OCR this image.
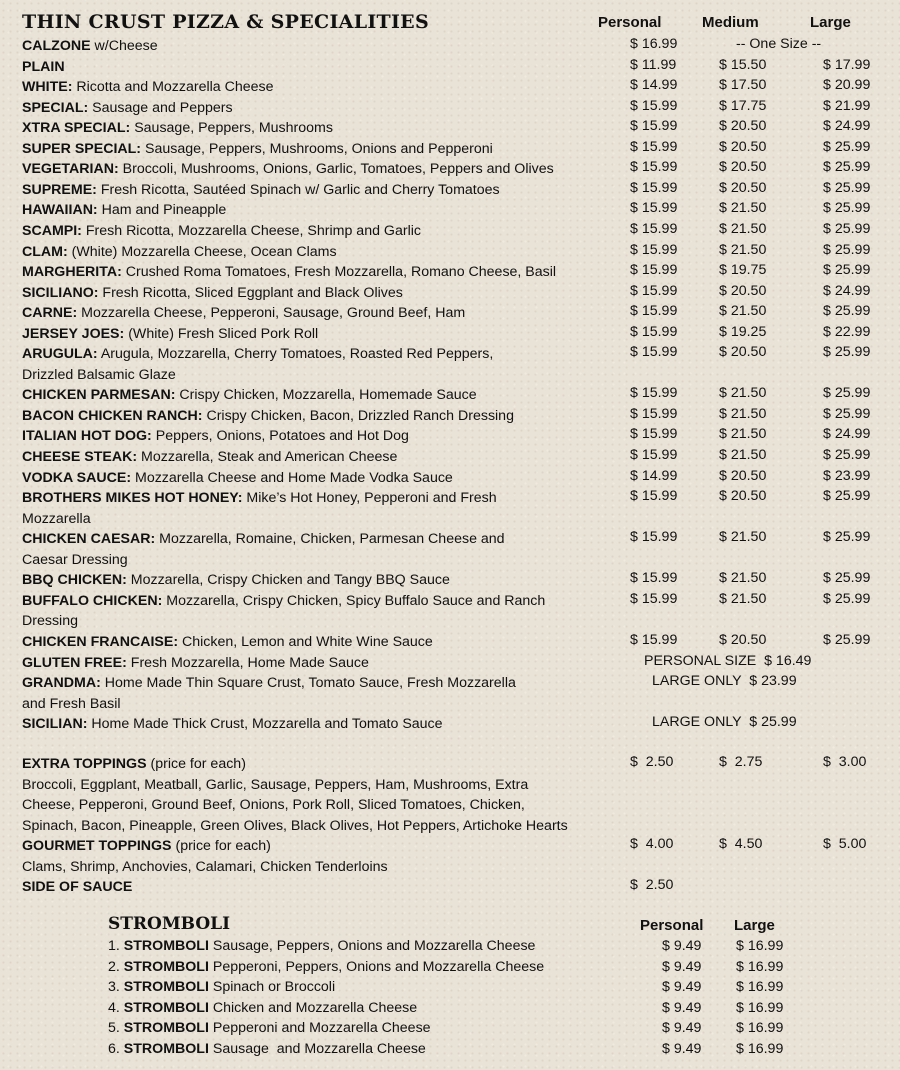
THIN CRUST PIZZA & SPECIALITIES	Personal	Medium	Large
CALZONE w/Cheese	$ 16.99	-- One Size --
PLAIN	$ 11.99	$ 15.50	$ 17.99
WHITE: Ricotta and Mozzarella Cheese	$ 14.99	$ 17.50	$ 20.99
SPECIAL: Sausage and Peppers	$ 15.99	$ 17.75	$ 21.99
XTRA SPECIAL: Sausage, Peppers, Mushrooms	$ 15.99	$ 20.50	$ 24.99
SUPER SPECIAL: Sausage, Peppers, Mushrooms, Onions and Pepperoni	$ 15.99	$ 20.50	$ 25.99
VEGETARIAN: Broccoli, Mushrooms, Onions, Garlic, Tomatoes, Peppers and Olives	$ 15.99	$ 20.50	$ 25.99
SUPREME: Fresh Ricotta, Sautéed Spinach w/ Garlic and Cherry Tomatoes	$ 15.99	$ 20.50	$ 25.99
HAWAIIAN: Ham and Pineapple	$ 15.99	$ 21.50	$ 25.99
SCAMPI: Fresh Ricotta, Mozzarella Cheese, Shrimp and Garlic	$ 15.99	$ 21.50	$ 25.99
CLAM: (White) Mozzarella Cheese, Ocean Clams	$ 15.99	$ 21.50	$ 25.99
MARGHERITA: Crushed Roma Tomatoes, Fresh Mozzarella, Romano Cheese, Basil	$ 15.99	$ 19.75	$ 25.99
SICILIANO: Fresh Ricotta, Sliced Eggplant and Black Olives	$ 15.99	$ 20.50	$ 24.99
CARNE: Mozzarella Cheese, Pepperoni, Sausage, Ground Beef, Ham	$ 15.99	$ 21.50	$ 25.99
JERSEY JOES: (White) Fresh Sliced Pork Roll	$ 15.99	$ 19.25	$ 22.99
ARUGULA: Arugula, Mozzarella, Cherry Tomatoes, Roasted Red Peppers,
Drizzled Balsamic Glaze
$ 15.99	$ 20.50	$ 25.99
CHICKEN PARMESAN: Crispy Chicken, Mozzarella, Homemade Sauce	$ 15.99	$ 21.50	$ 25.99
BACON CHICKEN RANCH: Crispy Chicken, Bacon, Drizzled Ranch Dressing	$ 15.99	$ 21.50	$ 25.99
ITALIAN HOT DOG: Peppers, Onions, Potatoes and Hot Dog	$ 15.99	$ 21.50	$ 24.99
CHEESE STEAK: Mozzarella, Steak and American Cheese	$ 15.99	$ 21.50	$ 25.99
VODKA SAUCE: Mozzarella Cheese and Home Made Vodka Sauce	$ 14.99	$ 20.50	$ 23.99
BROTHERS MIKES HOT HONEY: Mike’s Hot Honey, Pepperoni and Fresh
Mozzarella
$ 15.99	$ 20.50	$ 25.99
CHICKEN CAESAR: Mozzarella, Romaine, Chicken, Parmesan Cheese and
Caesar Dressing
$ 15.99	$ 21.50	$ 25.99
BBQ CHICKEN: Mozzarella, Crispy Chicken and Tangy BBQ Sauce	$ 15.99	$ 21.50	$ 25.99
BUFFALO CHICKEN: Mozzarella, Crispy Chicken, Spicy Buffalo Sauce and Ranch
Dressing
$ 15.99	$ 21.50	$ 25.99
CHICKEN FRANCAISE: Chicken, Lemon and White Wine Sauce	$ 15.99	$ 20.50	$ 25.99
GLUTEN FREE: Fresh Mozzarella, Home Made Sauce	PERSONAL SIZE  $ 16.49
GRANDMA: Home Made Thin Square Crust, Tomato Sauce, Fresh Mozzarella
and Fresh Basil
LARGE ONLY  $ 23.99
SICILIAN: Home Made Thick Crust, Mozzarella and Tomato Sauce	LARGE ONLY  $ 25.99
EXTRA TOPPINGS (price for each)	$  2.50	$  2.75	$  3.00
Broccoli, Eggplant, Meatball, Garlic, Sausage, Peppers, Ham, Mushrooms, Extra
Cheese, Pepperoni, Ground Beef, Onions, Pork Roll, Sliced Tomatoes, Chicken,
Spinach, Bacon, Pineapple, Green Olives, Black Olives, Hot Peppers, Artichoke Hearts
GOURMET TOPPINGS (price for each)	$  4.00	$  4.50	$  5.00
Clams, Shrimp, Anchovies, Calamari, Chicken Tenderloins
SIDE OF SAUCE	$  2.50
STROMBOLI	Personal Large
1. STROMBOLI Sausage, Peppers, Onions and Mozzarella Cheese	$ 9.49 $ 16.99
2. STROMBOLI Pepperoni, Peppers, Onions and Mozzarella Cheese	$ 9.49 $ 16.99
3. STROMBOLI Spinach or Broccoli	$ 9.49 $ 16.99
4. STROMBOLI Chicken and Mozzarella Cheese	$ 9.49 $ 16.99
5. STROMBOLI Pepperoni and Mozzarella Cheese	$ 9.49 $ 16.99
6. STROMBOLI Sausage  and Mozzarella Cheese	$ 9.49 $ 16.99
